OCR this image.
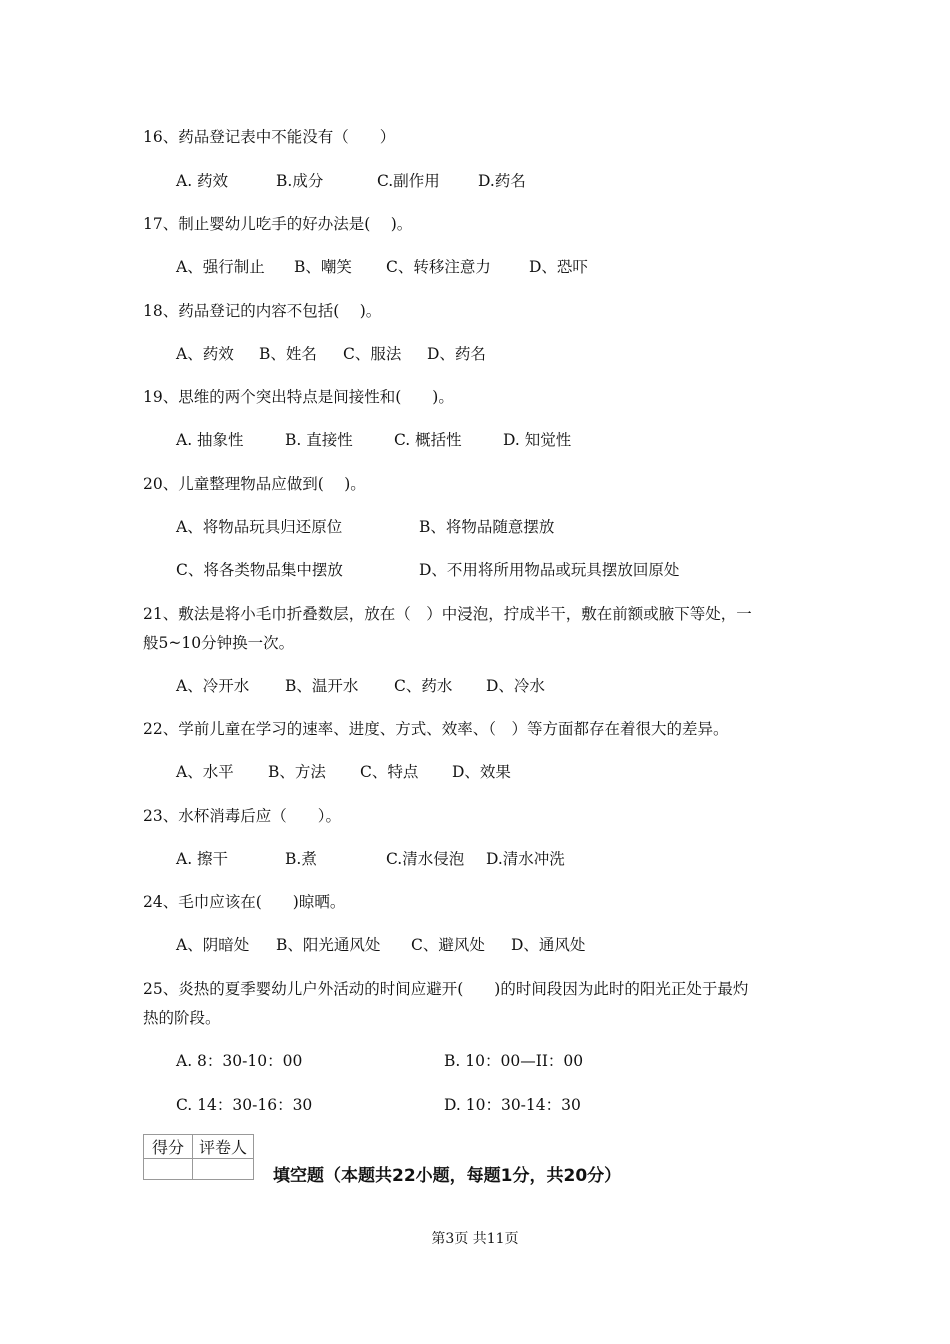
16、药品登记表中不能没有（　　）
A. 药效	B.成分	C.副作用 D.药名
17、制止婴幼儿吃手的好办法是(　 )。
A、强行制止 B、嘲笑 C、转移注意力 D、恐吓
18、药品登记的内容不包括(　 )。
A、药效 B、姓名 C、服法 D、药名
19、思维的两个突出特点是间接性和(　　)。
A. 抽象性	B. 直接性	C. 概括性	D. 知觉性
20、儿童整理物品应做到(　 )。
A、将物品玩具归还原位	B、将物品随意摆放
C、将各类物品集中摆放	D、不用将所用物品或玩具摆放回原处
21、敷法是将小毛巾折叠数层，放在（　）中浸泡，拧成半干，敷在前额或腋下等处，一
般5~10分钟换一次。
A、冷开水 B、温开水 C、药水 D、冷水
22、学前儿童在学习的速率、进度、方式、效率、（　）等方面都存在着很大的差异。
A、水平 B、方法 C、特点 D、效果
23、水杯消毒后应（　　）。
A. 擦干	B.煮	C.清水侵泡 D.清水冲洗
24、毛巾应该在(　　)晾晒。
A、阴暗处 B、阳光通风处 C、避风处 D、通风处
25、炎热的夏季婴幼儿户外活动的时间应避开(　　)的时间段因为此时的阳光正处于最灼
热的阶段。
A. 8：30-10：00	B. 10：00—II：00
C. 14：30-16：30	D. 10：30-14：30
得分	评卷人

填空题（本题共22小题，每题1分，共20分）
第3页 共11页
